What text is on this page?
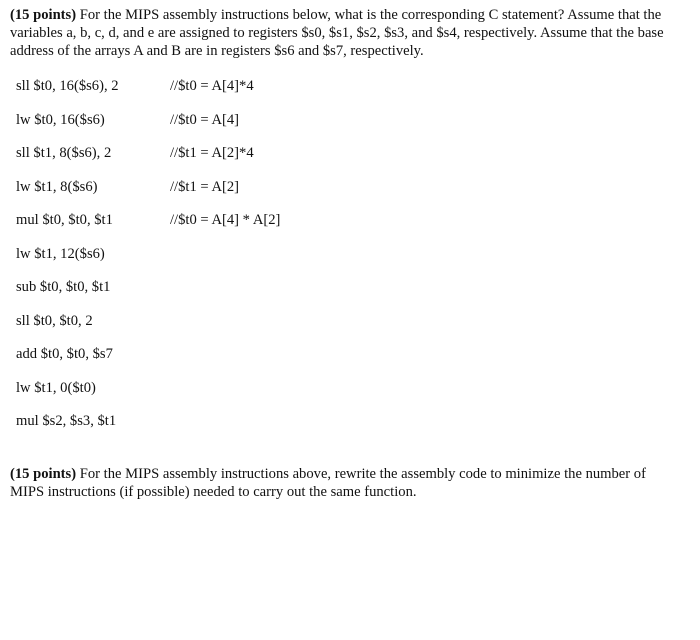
(15 points) For the MIPS assembly instructions below, what is the corresponding C statement? Assume that the variables a, b, c, d, and e are assigned to registers $s0, $s1, $s2, $s3, and $s4, respectively. Assume that the base address of the arrays A and B are in registers $s6 and $s7, respectively.
sll $t0, 16($s6), 2	//$t0 = A[4]*4
lw $t0, 16($s6)	//$t0 = A[4]
sll $t1, 8($s6), 2	//$t1 = A[2]*4
lw $t1, 8($s6)	//$t1 = A[2]
mul $t0, $t0, $t1	//$t0 = A[4] * A[2]
lw $t1, 12($s6)
sub $t0, $t0, $t1
sll $t0, $t0, 2
add $t0, $t0, $s7
lw $t1, 0($t0)
mul $s2, $s3, $t1
(15 points) For the MIPS assembly instructions above, rewrite the assembly code to minimize the number of MIPS instructions (if possible) needed to carry out the same function.
